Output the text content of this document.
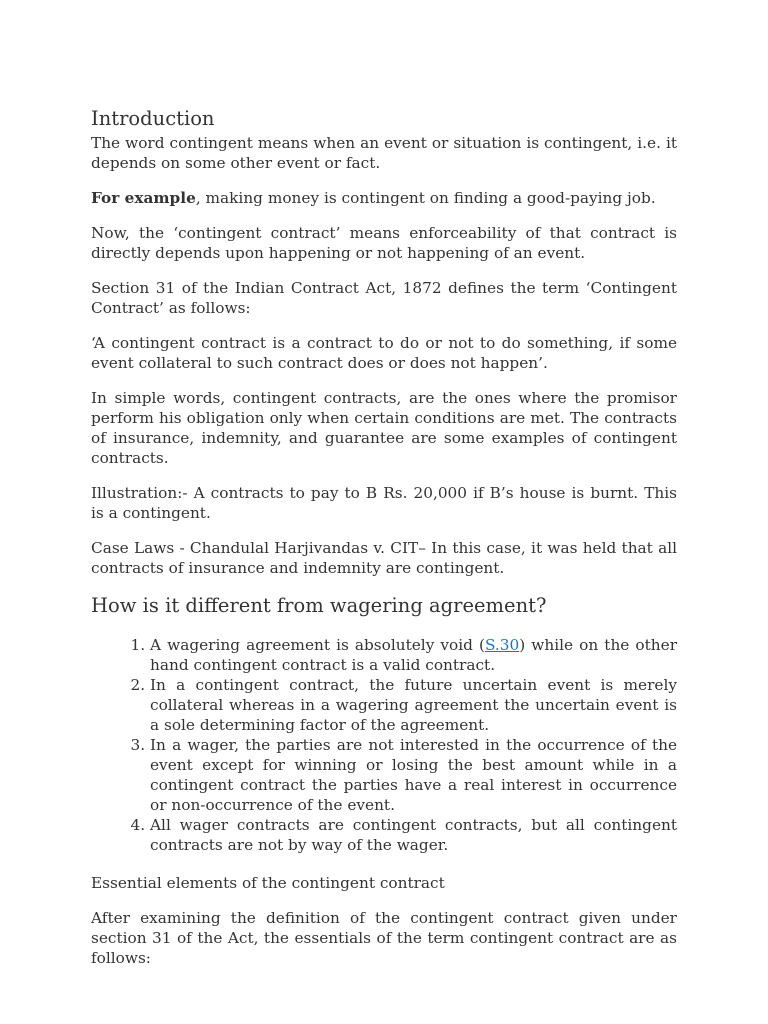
Introduction

The word contingent means when an event or situation is contingent, i.e. it depends on some other event or fact.

For example, making money is contingent on finding a good-paying job.

Now, the ‘contingent contract’ means enforceability of that contract is directly depends upon happening or not happening of an event.

Section 31 of the Indian Contract Act, 1872 defines the term ‘Contingent Contract’ as follows:

‘A contingent contract is a contract to do or not to do something, if some event collateral to such contract does or does not happen’.

In simple words, contingent contracts, are the ones where the promisor perform his obligation only when certain conditions are met. The contracts of insurance, indemnity, and guarantee are some examples of contingent contracts.

Illustration:- A contracts to pay to B Rs. 20,000 if B’s house is burnt. This is a contingent.

Case Laws - Chandulal Harjivandas v. CIT– In this case, it was held that all contracts of insurance and indemnity are contingent.

How is it different from wagering agreement?
1. A wagering agreement is absolutely void (S.30) while on the other hand contingent contract is a valid contract.
2. In a contingent contract, the future uncertain event is merely collateral whereas in a wagering agreement the uncertain event is a sole determining factor of the agreement.
3. In a wager, the parties are not interested in the occurrence of the event except for winning or losing the best amount while in a contingent contract the parties have a real interest in occurrence or non-occurrence of the event.
4. All wager contracts are contingent contracts, but all contingent contracts are not by way of the wager.

Essential elements of the contingent contract

After examining the definition of the contingent contract given under section 31 of the Act, the essentials of the term contingent contract are as follows:
